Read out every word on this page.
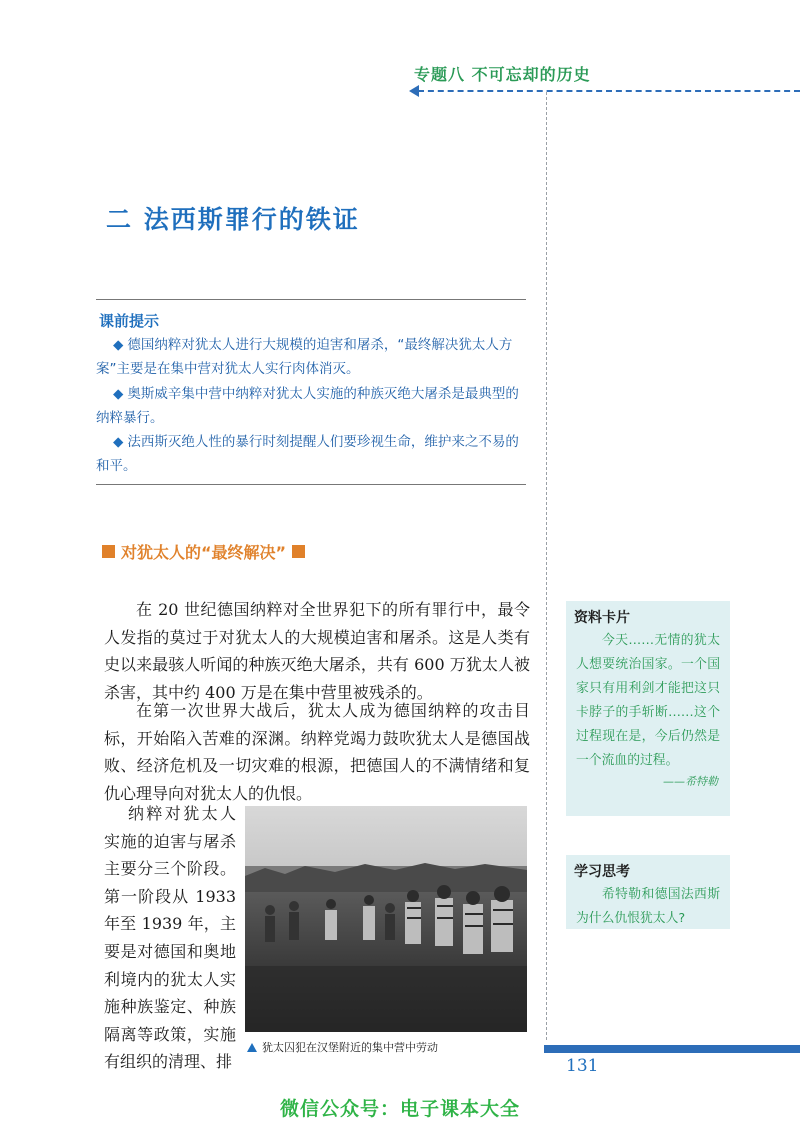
专题八 不可忘却的历史
二 法西斯罪行的铁证
课前提示
◆ 德国纳粹对犹太人进行大规模的迫害和屠杀，“最终解决犹太人方案”主要是在集中营对犹太人实行肉体消灭。
◆ 奥斯威辛集中营中纳粹对犹太人实施的种族灭绝大屠杀是最典型的纳粹暴行。
◆ 法西斯灭绝人性的暴行时刻提醒人们要珍视生命，维护来之不易的和平。
对犹太人的“最终解决”

在 20 世纪德国纳粹对全世界犯下的所有罪行中，最令人发指的莫过于对犹太人的大规模迫害和屠杀。这是人类有史以来最骇人听闻的种族灭绝大屠杀，共有 600 万犹太人被杀害，其中约 400 万是在集中营里被残杀的。

在第一次世界大战后，犹太人成为德国纳粹的攻击目标，开始陷入苦难的深渊。纳粹党竭力鼓吹犹太人是德国战败、经济危机及一切灾难的根源，把德国人的不满情绪和复仇心理导向对犹太人的仇恨。

纳粹对犹太人实施的迫害与屠杀主要分三个阶段。第一阶段从 1933 年至 1939 年，主要是对德国和奥地利境内的犹太人实施种族鉴定、种族隔离等政策，实施有组织的清理、排

犹太囚犯在汉堡附近的集中营中劳动
资料卡片
今天……无情的犹太人想要统治国家。一个国家只有用利剑才能把这只卡脖子的手斩断……这个过程现在是，今后仍然是一个流血的过程。
——希特勒
学习思考
希特勒和德国法西斯为什么仇恨犹太人?
131
微信公众号：电子课本大全
